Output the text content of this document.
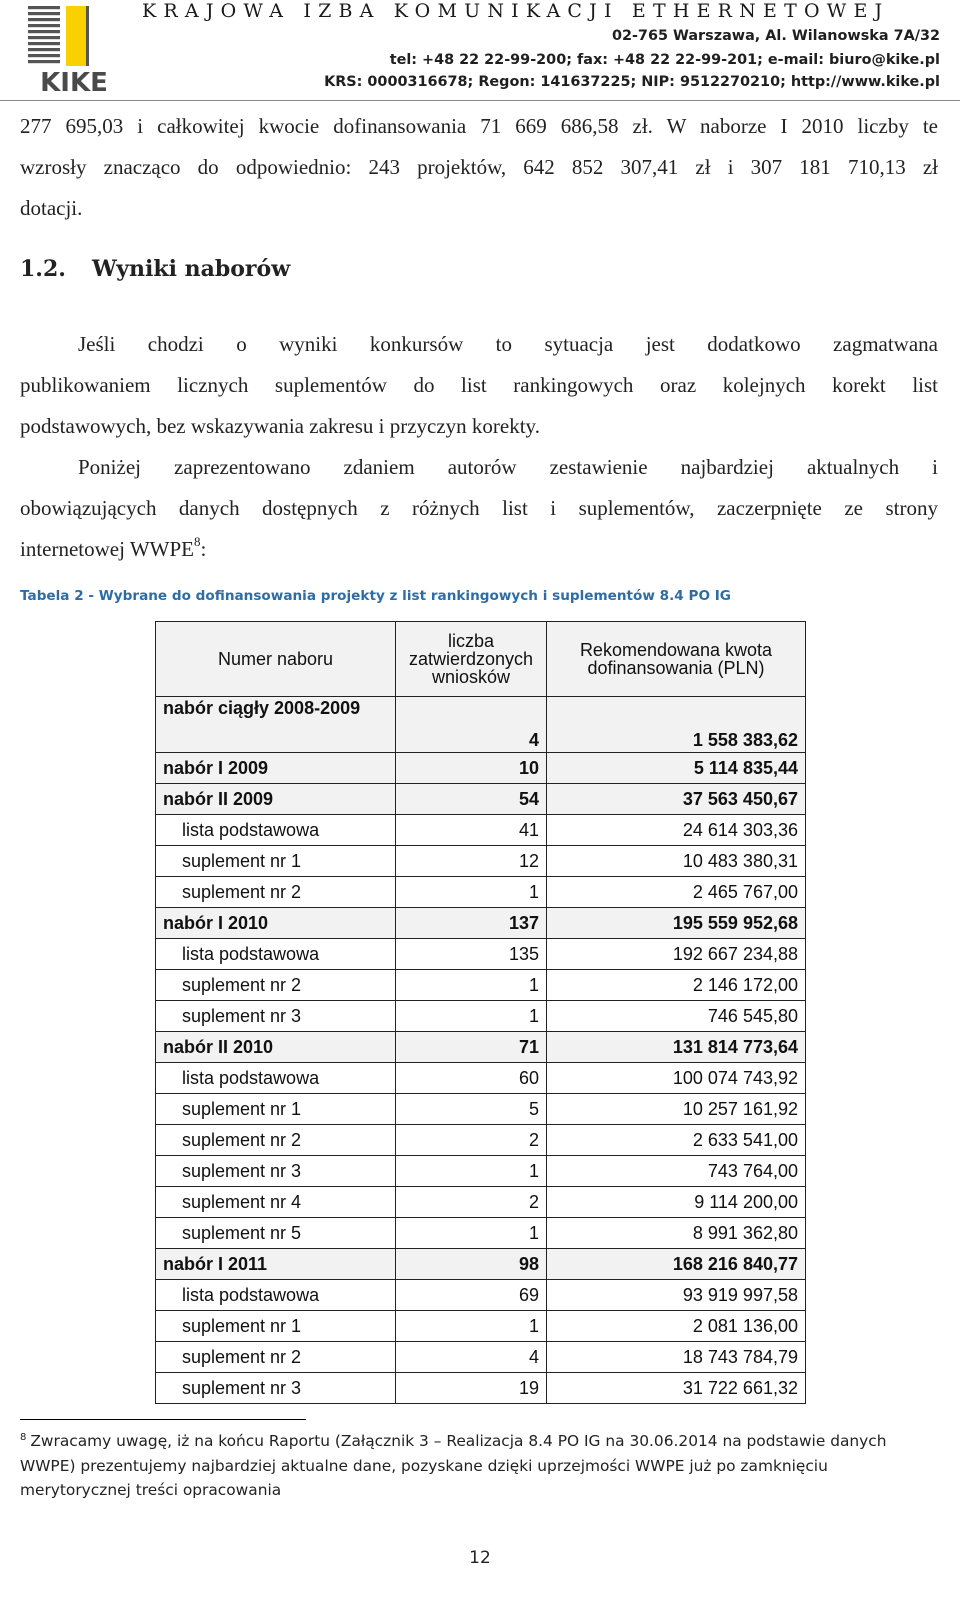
KIKE
KRAJOWA IZBA KOMUNIKACJI ETHERNETOWEJ
02-765 Warszawa, Al. Wilanowska 7A/32
tel: +48 22 22-99-200; fax: +48 22 22-99-201; e-mail: biuro@kike.pl
KRS: 0000316678; Regon: 141637225; NIP: 9512270210; http://www.kike.pl
277 695,03 i całkowitej kwocie dofinansowania 71 669 686,58 zł. W naborze I 2010 liczby te
wzrosły znacząco do odpowiednio: 243 projektów, 642 852 307,41 zł i 307 181 710,13 zł
dotacji.
1.2. Wyniki naborów
Jeśli chodzi o wyniki konkursów to sytuacja jest dodatkowo zagmatwana
publikowaniem licznych suplementów do list rankingowych oraz kolejnych korekt list
podstawowych, bez wskazywania zakresu i przyczyn korekty.
Poniżej zaprezentowano zdaniem autorów zestawienie najbardziej aktualnych i
obowiązujących danych dostępnych z różnych list i suplementów, zaczerpnięte ze strony
internetowej WWPE$^8$:
Tabela 2 - Wybrane do dofinansowania projekty z list rankingowych i suplementów 8.4 PO IG
Numer naboru	liczba zatwierdzonych wniosków	Rekomendowana kwota dofinansowania (PLN)
nabór ciągły 2008-2009	4	1 558 383,62
nabór I 2009	10	5 114 835,44
nabór II 2009	54	37 563 450,67
lista podstawowa	41	24 614 303,36
suplement nr 1	12	10 483 380,31
suplement nr 2	1	2 465 767,00
nabór I 2010	137	195 559 952,68
lista podstawowa	135	192 667 234,88
suplement nr 2	1	2 146 172,00
suplement nr 3	1	746 545,80
nabór II 2010	71	131 814 773,64
lista podstawowa	60	100 074 743,92
suplement nr 1	5	10 257 161,92
suplement nr 2	2	2 633 541,00
suplement nr 3	1	743 764,00
suplement nr 4	2	9 114 200,00
suplement nr 5	1	8 991 362,80
nabór I 2011	98	168 216 840,77
lista podstawowa	69	93 919 997,58
suplement nr 1	1	2 081 136,00
suplement nr 2	4	18 743 784,79
suplement nr 3	19	31 722 661,32
$^8$ Zwracamy uwagę, iż na końcu Raportu (Załącznik 3 – Realizacja 8.4 PO IG na 30.06.2014 na podstawie danych
WWPE) prezentujemy najbardziej aktualne dane, pozyskane dzięki uprzejmości WWPE już po zamknięciu
merytorycznej treści opracowania
12
